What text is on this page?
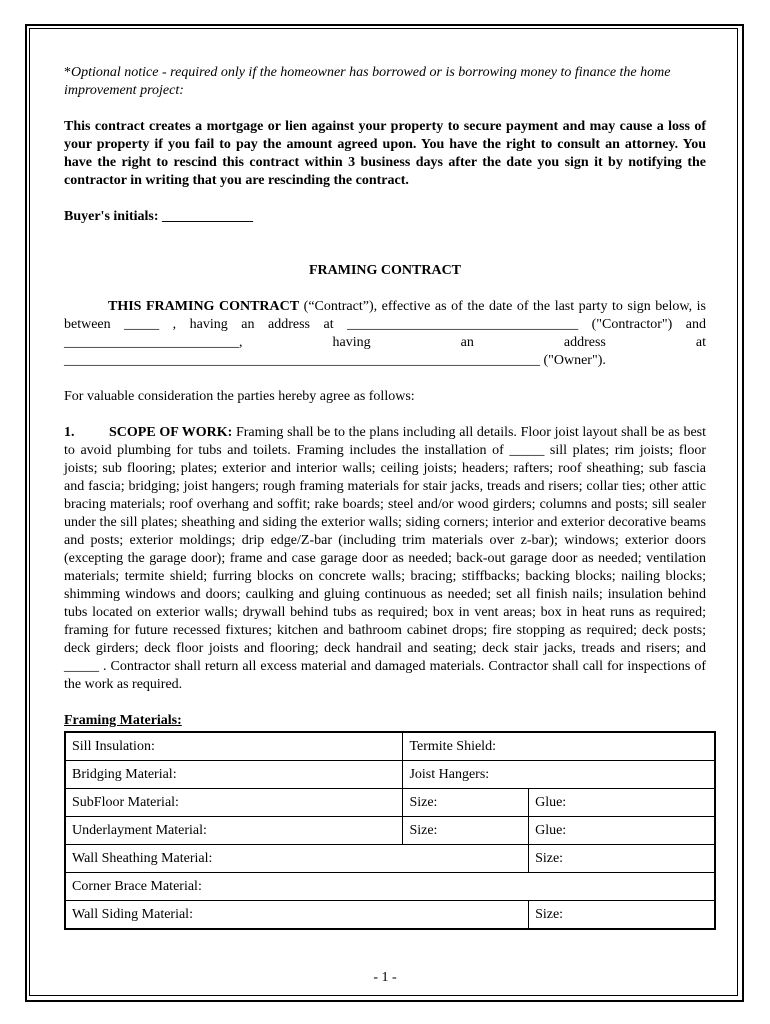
*Optional notice - required only if the homeowner has borrowed or is borrowing money to finance the home improvement project:

This contract creates a mortgage or lien against your property to secure payment and may cause a loss of your property if you fail to pay the amount agreed upon. You have the right to consult an attorney. You have the right to rescind this contract within 3 business days after the date you sign it by notifying the contractor in writing that you are rescinding the contract.

Buyer's initials: _____________

FRAMING CONTRACT

THIS FRAMING CONTRACT (“Contract”), effective as of the date of the last party to sign below, is between _____ , having an address at _________________________________ ("Contractor") and _________________________, having an address at ____________________________________________________________________ ("Owner").

For valuable consideration the parties hereby agree as follows:

1. SCOPE OF WORK: Framing shall be to the plans including all details. Floor joist layout shall be as best to avoid plumbing for tubs and toilets. Framing includes the installation of _____ sill plates; rim joists; floor joists; sub flooring; plates; exterior and interior walls; ceiling joists; headers; rafters; roof sheathing; sub fascia and fascia; bridging; joist hangers; rough framing materials for stair jacks, treads and risers; collar ties; other attic bracing materials; roof overhang and soffit; rake boards; steel and/or wood girders; columns and posts; sill sealer under the sill plates; sheathing and siding the exterior walls; siding corners; interior and exterior decorative beams and posts; exterior moldings; drip edge/Z-bar (including trim materials over z-bar); windows; exterior doors (excepting the garage door); frame and case garage door as needed; back-out garage door as needed; ventilation materials; termite shield; furring blocks on concrete walls; bracing; stiffbacks; backing blocks; nailing blocks; shimming windows and doors; caulking and gluing continuous as needed; set all finish nails; insulation behind tubs located on exterior walls; drywall behind tubs as required; box in vent areas; box in heat runs as required; framing for future recessed fixtures; kitchen and bathroom cabinet drops; fire stopping as required; deck posts; deck girders; deck floor joists and flooring; deck handrail and seating; deck stair jacks, treads and risers; and _____ . Contractor shall return all excess material and damaged materials. Contractor shall call for inspections of the work as required.

Framing Materials:

Sill Insulation:	Termite Shield:	
Bridging Material:	Joist Hangers:	
SubFloor Material:	Size:	Glue:
Underlayment Material:	Size:	Glue:
Wall Sheathing Material:		Size:
Corner Brace Material:		
Wall Siding Material:		Size:
- 1 -
